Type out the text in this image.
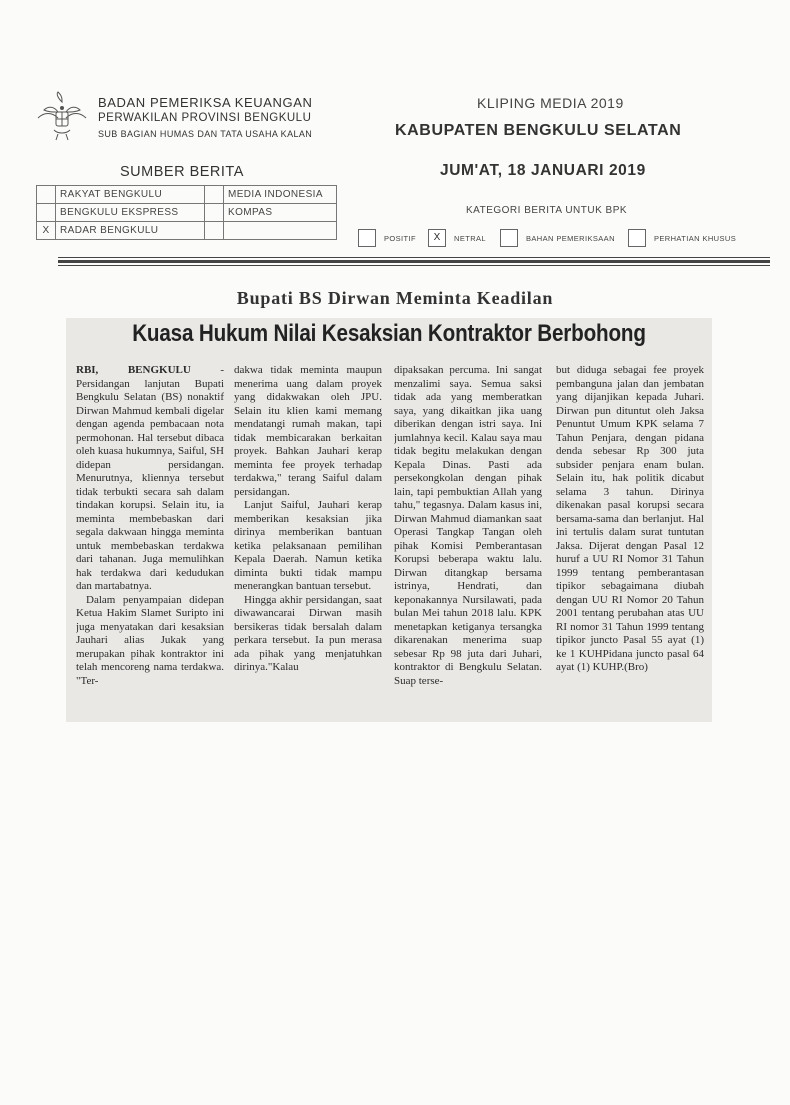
BADAN PEMERIKSA KEUANGAN
PERWAKILAN PROVINSI BENGKULU
SUB BAGIAN HUMAS DAN TATA USAHA KALAN
KLIPING MEDIA 2019
KABUPATEN BENGKULU SELATAN
SUMBER BERITA	JUM'AT, 18 JANUARI 2019
KATEGORI BERITA UNTUK BPK
	RAKYAT BENGKULU		MEDIA INDONESIA
	BENGKULU EKSPRESS		KOMPAS
X	RADAR BENGKULU		
POSITIF	X	NETRAL	BAHAN PEMERIKSAAN	PERHATIAN KHUSUS
Bupati BS Dirwan Meminta Keadilan
Kuasa Hukum Nilai Kesaksian Kontraktor Berbohong

RBI, BENGKULU - Persidangan lanjutan Bupati Bengkulu Selatan (BS) nonaktif Dirwan Mahmud kembali digelar dengan agenda pembacaan nota permohonan. Hal tersebut dibaca oleh kuasa hukumnya, Saiful, SH didepan persidangan. Menurutnya, kliennya tersebut tidak terbukti secara sah dalam tindakan korupsi. Selain itu, ia meminta membebaskan dari segala dakwaan hingga meminta untuk membebaskan terdakwa dari tahanan. Juga memulihkan hak terdakwa dari kedudukan dan martabatnya.

Dalam penyampaian didepan Ketua Hakim Slamet Suripto ini juga menyatakan dari kesaksian Jauhari alias Jukak yang merupakan pihak kontraktor ini telah mencoreng nama terdakwa. "Ter-

dakwa tidak meminta maupun menerima uang dalam proyek yang didakwakan oleh JPU. Selain itu klien kami memang mendatangi rumah makan, tapi tidak membicarakan berkaitan proyek. Bahkan Jauhari kerap meminta fee proyek terhadap terdakwa," terang Saiful dalam persidangan.

Lanjut Saiful, Jauhari kerap memberikan kesaksian jika dirinya memberikan bantuan ketika pelaksanaan pemilihan Kepala Daerah. Namun ketika diminta bukti tidak mampu menerangkan bantuan tersebut.

Hingga akhir persidangan, saat diwawancarai Dirwan masih bersikeras tidak bersalah dalam perkara tersebut. Ia pun merasa ada pihak yang menjatuhkan dirinya."Kalau

dipaksakan percuma. Ini sangat menzalimi saya. Semua saksi tidak ada yang memberatkan saya, yang dikaitkan jika uang diberikan dengan istri saya. Ini jumlahnya kecil. Kalau saya mau tidak begitu melakukan dengan Kepala Dinas. Pasti ada persekongkolan dengan pihak lain, tapi pembuktian Allah yang tahu," tegasnya. Dalam kasus ini, Dirwan Mahmud diamankan saat Operasi Tangkap Tangan oleh pihak Komisi Pemberantasan Korupsi beberapa waktu lalu. Dirwan ditangkap bersama istrinya, Hendrati, dan keponakannya Nursilawati, pada bulan Mei tahun 2018 lalu. KPK menetapkan ketiganya tersangka dikarenakan menerima suap sebesar Rp 98 juta dari Juhari, kontraktor di Bengkulu Selatan. Suap terse-

but diduga sebagai fee proyek pembanguna jalan dan jembatan yang dijanjikan kepada Juhari. Dirwan pun dituntut oleh Jaksa Penuntut Umum KPK selama 7 Tahun Penjara, dengan pidana denda sebesar Rp 300 juta subsider penjara enam bulan. Selain itu, hak politik dicabut selama 3 tahun. Dirinya dikenakan pasal korupsi secara bersama-sama dan berlanjut. Hal ini tertulis dalam surat tuntutan Jaksa. Dijerat dengan Pasal 12 huruf a UU RI Nomor 31 Tahun 1999 tentang pemberantasan tipikor sebagaimana diubah dengan UU RI Nomor 20 Tahun 2001 tentang perubahan atas UU RI nomor 31 Tahun 1999 tentang tipikor juncto Pasal 55 ayat (1) ke 1 KUHPidana juncto pasal 64 ayat (1) KUHP.(Bro)
